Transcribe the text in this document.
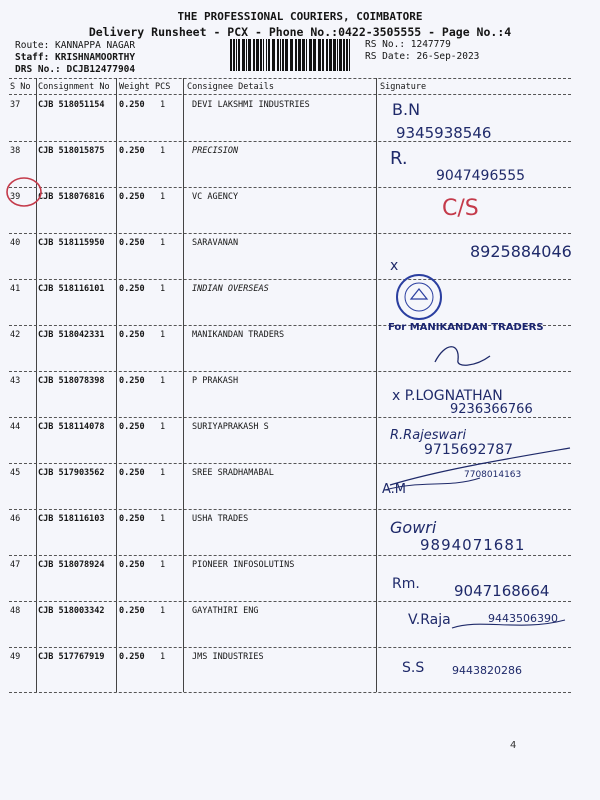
THE PROFESSIONAL COURIERS, COIMBATORE
Delivery Runsheet - PCX - Phone No.:0422-3505555 - Page No.:4
Route: KANNAPPA NAGAR
Staff: KRISHNAMOORTHY
DRS No.: DCJB12477904
RS No.: 1247779
RS Date: 26-Sep-2023
S No Consignment No Weight PCS Consignee Details	Signature
37 CJB 518051154 0.250 1	DEVI LAKSHMI INDUSTRIES	B.N
9345938546
38 CJB 518015875 0.250 1	PRECISION	R.
9047496555
39 CJB 518076816 0.250 1	VC AGENCY	C/S
40 CJB 518115950 0.250 1	SARAVANAN
x
8925884046
41 CJB 518116101 0.250 1	INDIAN OVERSEAS
42 CJB 518042331 0.250 1	MANIKANDAN TRADERS
43 CJB 518078398 0.250 1	P PRAKASH
x P.LOGNATHAN
9236366766
44 CJB 518114078 0.250 1	SURIYAPRAKASH S
R.Rajeswari
9715692787
45 CJB 517903562 0.250 1	SREE SRADHAMABAL
A.M
7708014163
46 CJB 518116103 0.250 1	USHA TRADES	Gowri
9894071681
47 CJB 518078924 0.250 1	PIONEER INFOSOLUTINS
Rm. 9047168664
48 CJB 518003342 0.250 1	GAYATHIRI ENG
V.Raja	9443506390
49 CJB 517767919 0.250 1	JMS INDUSTRIES
S.S	9443820286
For MANIKANDAN TRADERS
4
